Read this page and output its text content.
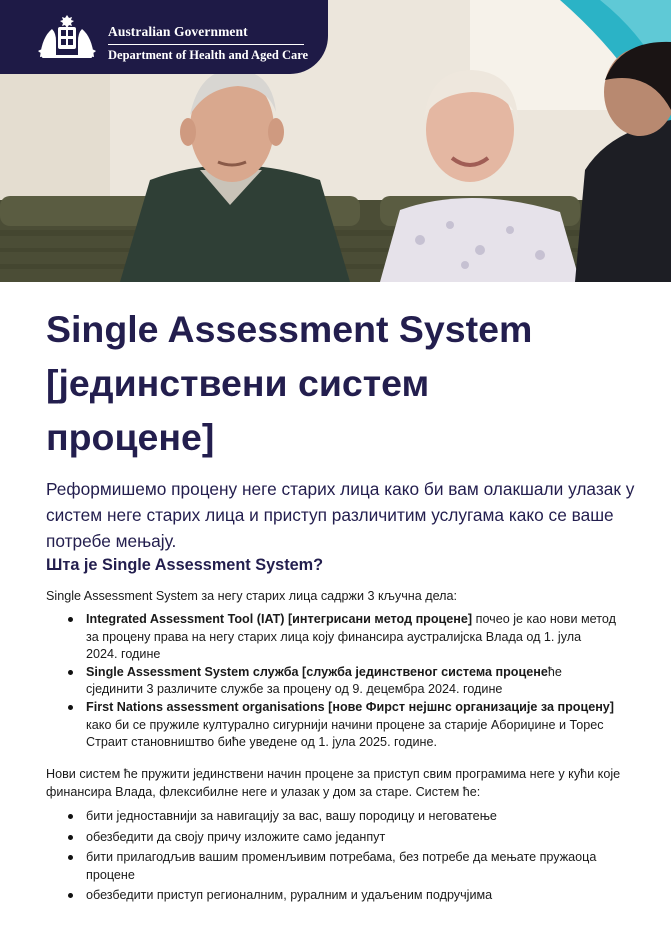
Australian Government
Department of Health and Aged Care
Single Assessment System
[јединствени систем
процене]

Реформишемо процену неге старих лица како би вам олакшали улазак у систем неге старих лица и приступ различитим услугама како се ваше потребе мењају.

Шта је Single Assessment System?

Single Assessment System за негу старих лица садржи 3 кључна дела:

Integrated Assessment Tool (IAT) [интегрисани метод процене] почео је као нови метод за процену права на негу старих лица коју финансира аустралијска Влада од 1. јула 2024. године
Single Assessment System служба [служба јединственог система проценеће сјединити 3 различите службе за процену од 9. децембра 2024. године
First Nations assessment organisations [нове Фирст нејшнс организације за процену] како би се пружиле културално сигурнији начини процене за старије Абориџине и Торес Страит становништво биће уведене од 1. јула 2025. године.

Нови систем ће пружити јединствени начин процене за приступ свим програмима неге у кући које финансира Влада, флексибилне неге и улазак у дом за старе. Систем ће:

бити једноставнији за навигацију за вас, вашу породицу и неговатење
обезбедити да своју причу изложите само једанпут
бити прилагодљив вашим променљивим потребама, без потребе да мењате пружаоца процене
обезбедити приступ регионалним, руралним и удаљеним подручјима
